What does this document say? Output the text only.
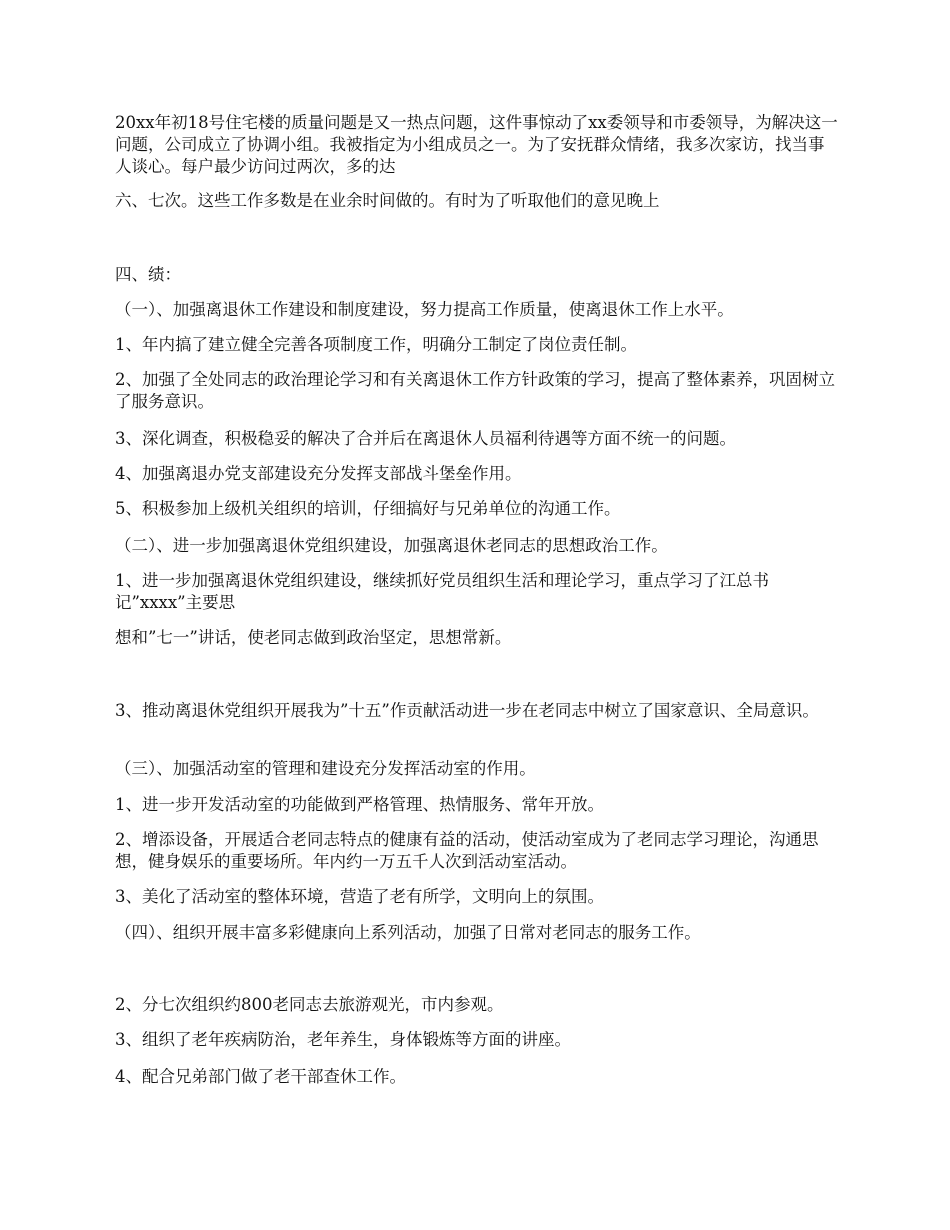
20xx年初18号住宅楼的质量问题是又一热点问题，这件事惊动了xx委领导和市委领导，为解决这一问题，公司成立了协调小组。我被指定为小组成员之一。为了安抚群众情绪，我多次家访，找当事人谈心。每户最少访问过两次，多的达

六、七次。这些工作多数是在业余时间做的。有时为了听取他们的意见晚上

四、绩：

（一）、加强离退休工作建设和制度建设，努力提高工作质量，使离退休工作上水平。

1、年内搞了建立健全完善各项制度工作，明确分工制定了岗位责任制。

2、加强了全处同志的政治理论学习和有关离退休工作方针政策的学习，提高了整体素养，巩固树立了服务意识。

3、深化调查，积极稳妥的解决了合并后在离退休人员福利待遇等方面不统一的问题。

4、加强离退办党支部建设充分发挥支部战斗堡垒作用。

5、积极参加上级机关组织的培训，仔细搞好与兄弟单位的沟通工作。

（二）、进一步加强离退休党组织建设，加强离退休老同志的思想政治工作。

1、进一步加强离退休党组织建设，继续抓好党员组织生活和理论学习，重点学习了江总书记”xxxx”主要思

想和”七一”讲话，使老同志做到政治坚定，思想常新。

3、推动离退休党组织开展我为”十五”作贡献活动进一步在老同志中树立了国家意识、全局意识。

（三）、加强活动室的管理和建设充分发挥活动室的作用。

1、进一步开发活动室的功能做到严格管理、热情服务、常年开放。

2、增添设备，开展适合老同志特点的健康有益的活动，使活动室成为了老同志学习理论，沟通思想，健身娱乐的重要场所。年内约一万五千人次到活动室活动。

3、美化了活动室的整体环境，营造了老有所学，文明向上的氛围。

（四）、组织开展丰富多彩健康向上系列活动，加强了日常对老同志的服务工作。

2、分七次组织约800老同志去旅游观光，市内参观。

3、组织了老年疾病防治，老年养生，身体锻炼等方面的讲座。

4、配合兄弟部门做了老干部查休工作。
